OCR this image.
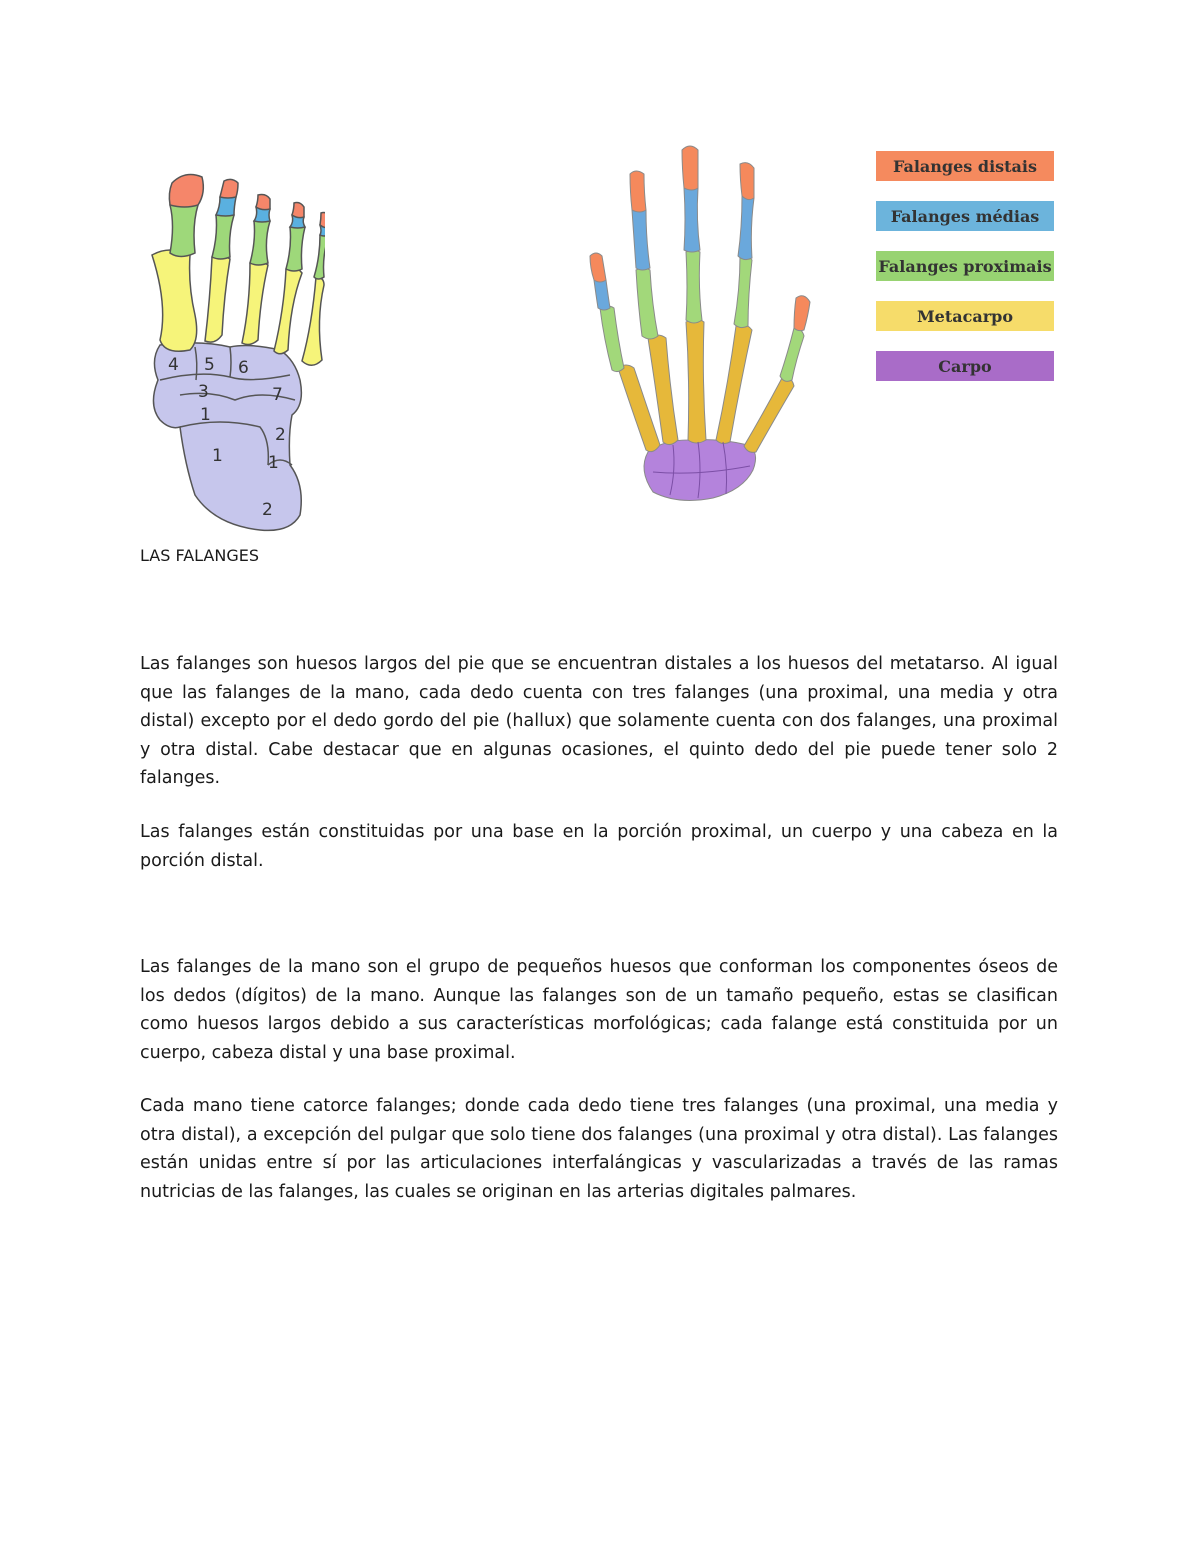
4 5 6
3	7
1
2
1	1
2
Falanges distais
Falanges médias
Falanges proximais
Metacarpo
Carpo
LAS FALANGES

Las falanges son huesos largos del pie que se encuentran distales a los huesos del metatarso. Al igual que las falanges de la mano, cada dedo cuenta con tres falanges (una proximal, una media y otra distal) excepto por el dedo gordo del pie (hallux) que solamente cuenta con dos falanges, una proximal y otra distal. Cabe destacar que en algunas ocasiones, el quinto dedo del pie puede tener solo 2 falanges.

Las falanges están constituidas por una base en la porción proximal, un cuerpo y una cabeza en la porción distal.

Las falanges de la mano son el grupo de pequeños huesos que conforman los componentes óseos de los dedos (dígitos) de la mano. Aunque las falanges son de un tamaño pequeño, estas se clasifican como huesos largos debido a sus características morfológicas; cada falange está constituida por un cuerpo, cabeza distal y una base proximal.

Cada mano tiene catorce falanges; donde cada dedo tiene tres falanges (una proximal, una media y otra distal), a excepción del pulgar que solo tiene dos falanges (una proximal y otra distal). Las falanges están unidas entre sí por las articulaciones interfalángicas y vascularizadas a través de las ramas nutricias de las falanges, las cuales se originan en las arterias digitales palmares.
